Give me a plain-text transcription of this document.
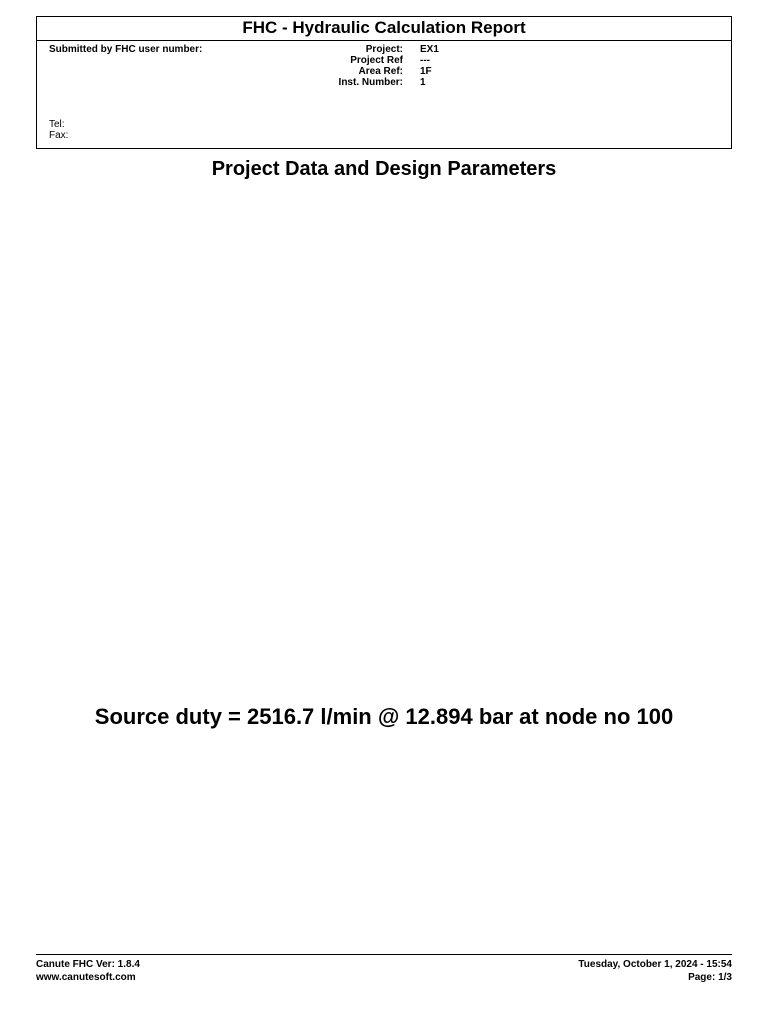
FHC - Hydraulic Calculation Report
Submitted by FHC user number:	Project: EX1
Project Ref ---
Area Ref: 1F
Inst. Number: 1
Tel:
Fax:
Project Data and Design Parameters
Source duty = 2516.7 l/min @ 12.894 bar at node no 100
Canute FHC Ver: 1.8.4
www.canutesoft.com
Tuesday, October 1, 2024 - 15:54
Page: 1/3
